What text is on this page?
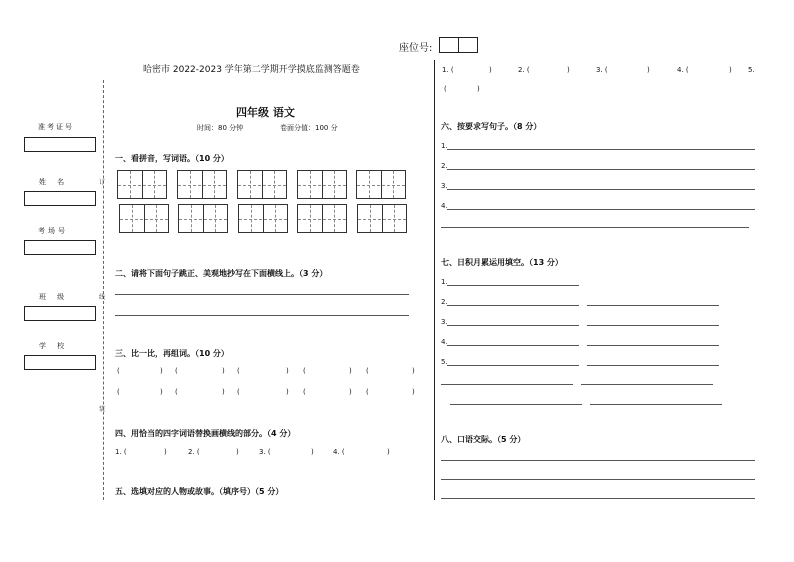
座位号:
哈密市 2022-2023 学年第二学期开学摸底监测答题卷
四年级 语文
时间：80 分钟	卷面分值：100 分
准考证号
姓     名
考场号
班     级
学     校
订
线
装
一、看拼音，写词语。（10 分）
二、请将下面句子跳正、美观地抄写在下面横线上。（3 分）
三、比一比，再组词。（10 分）
(	) (	) (	) (	) (	)
(	) (	) (	) (	) (	)
四、用恰当的四字词语替换画横线的部分。（4 分）
1. (	)	2. (	)	3. (	)	4. (	)
五、选填对应的人物或故事。（填序号）（5 分）
1. (	)	2. (	)	3. (	)	4. (	) 5.
(	)
六、按要求写句子。（8 分）
1.
2.
3.
4.
七、日积月累运用填空。（13 分）
1.
2.
3.
4.
5.
八、口语交际。（5 分）
